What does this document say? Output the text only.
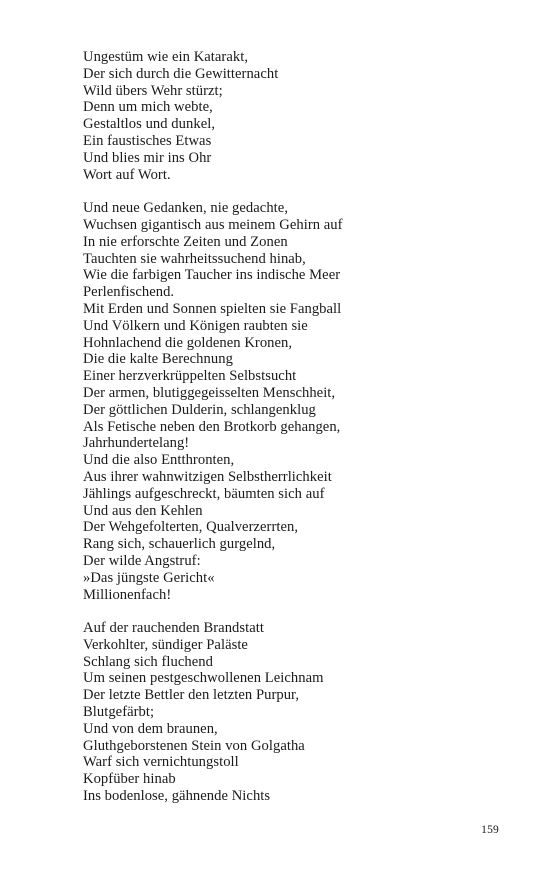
Ungestüm wie ein Katarakt,
Der sich durch die Gewitternacht
Wild übers Wehr stürzt;
Denn um mich webte,
Gestaltlos und dunkel,
Ein faustisches Etwas
Und blies mir ins Ohr
Wort auf Wort.
Und neue Gedanken, nie gedachte,
Wuchsen gigantisch aus meinem Gehirn auf
In nie erforschte Zeiten und Zonen
Tauchten sie wahrheitssuchend hinab,
Wie die farbigen Taucher ins indische Meer
Perlenfischend.
Mit Erden und Sonnen spielten sie Fangball
Und Völkern und Königen raubten sie
Hohnlachend die goldenen Kronen,
Die die kalte Berechnung
Einer herzverkrüppelten Selbstsucht
Der armen, blutiggegeisselten Menschheit,
Der göttlichen Dulderin, schlangenklug
Als Fetische neben den Brotkorb gehangen,
Jahrhundertelang!
Und die also Entthronten,
Aus ihrer wahnwitzigen Selbstherrlichkeit
Jählings aufgeschreckt, bäumten sich auf
Und aus den Kehlen
Der Wehgefolterten, Qualverzerrten,
Rang sich, schauerlich gurgelnd,
Der wilde Angstruf:
»Das jüngste Gericht«
Millionenfach!
Auf der rauchenden Brandstatt
Verkohlter, sündiger Paläste
Schlang sich fluchend
Um seinen pestgeschwollenen Leichnam
Der letzte Bettler den letzten Purpur,
Blutgefärbt;
Und von dem braunen,
Gluthgeborstenen Stein von Golgatha
Warf sich vernichtungstoll
Kopfüber hinab
Ins bodenlose, gähnende Nichts
159
